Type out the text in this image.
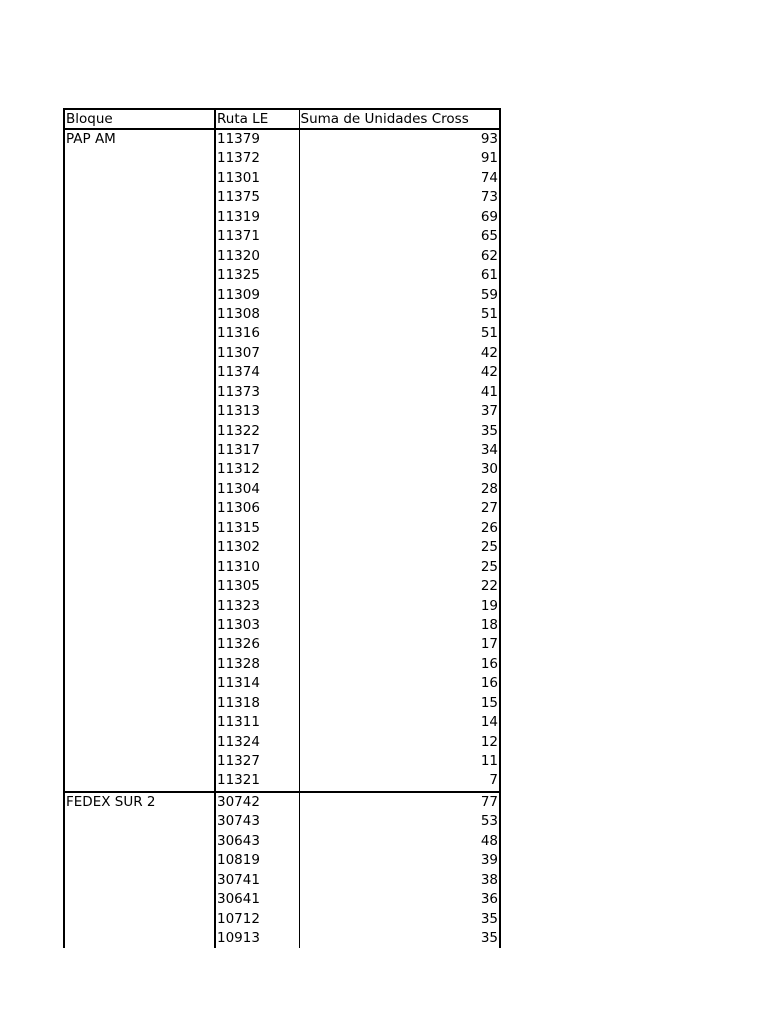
Bloque	Ruta LE	Suma de Unidades Cross
PAP AM	11379	93
	11372	91
	11301	74
	11375	73
	11319	69
	11371	65
	11320	62
	11325	61
	11309	59
	11308	51
	11316	51
	11307	42
	11374	42
	11373	41
	11313	37
	11322	35
	11317	34
	11312	30
	11304	28
	11306	27
	11315	26
	11302	25
	11310	25
	11305	22
	11323	19
	11303	18
	11326	17
	11328	16
	11314	16
	11318	15
	11311	14
	11324	12
	11327	11
	11321	7
FEDEX SUR 2	30742	77
	30743	53
	30643	48
	10819	39
	30741	38
	30641	36
	10712	35
	10913	35
